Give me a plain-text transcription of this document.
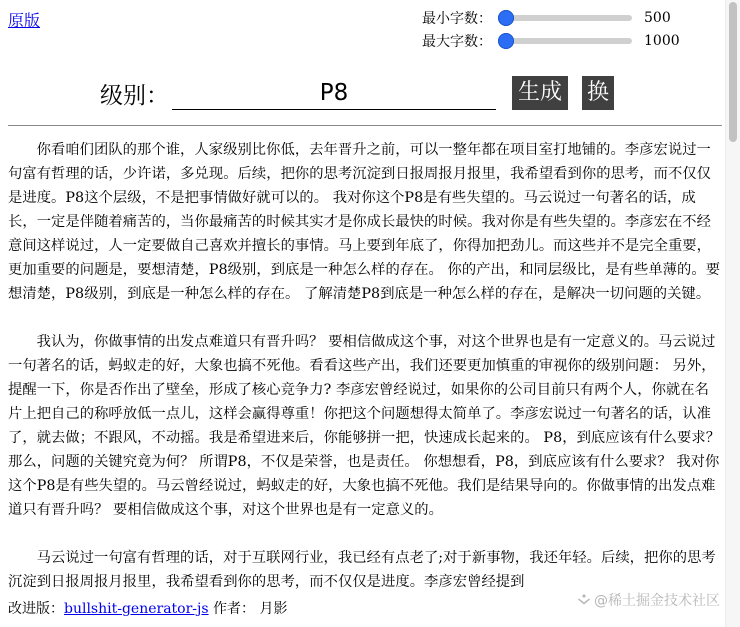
原版	最小字数：	500
最大字数：	1000
级别：
P8	生成 换

你看咱们团队的那个谁，人家级别比你低，去年晋升之前，可以一整年都在项目室打地铺的。李彦宏说过一句富有哲理的话，少许诺，多兑现。后续，把你的思考沉淀到日报周报月报里，我希望看到你的思考，而不仅仅是进度。P8这个层级，不是把事情做好就可以的。 我对你这个P8是有些失望的。马云说过一句著名的话，成长，一定是伴随着痛苦的，当你最痛苦的时候其实才是你成长最快的时候。我对你是有些失望的。李彦宏在不经意间这样说过，人一定要做自己喜欢并擅长的事情。马上要到年底了，你得加把劲儿。而这些并不是完全重要，更加重要的问题是，要想清楚，P8级别，到底是一种怎么样的存在。 你的产出，和同层级比，是有些单薄的。要想清楚，P8级别，到底是一种怎么样的存在。 了解清楚P8到底是一种怎么样的存在，是解决一切问题的关键。

我认为，你做事情的出发点难道只有晋升吗？ 要相信做成这个事，对这个世界也是有一定意义的。马云说过一句著名的话，蚂蚁走的好，大象也搞不死他。看看这些产出，我们还要更加慎重的审视你的级别问题： 另外，提醒一下，你是否作出了壁垒，形成了核心竞争力? 李彦宏曾经说过，如果你的公司目前只有两个人，你就在名片上把自己的称呼放低一点儿，这样会赢得尊重！你把这个问题想得太简单了。李彦宏说过一句著名的话，认准了，就去做；不跟风，不动摇。我是希望进来后，你能够拼一把，快速成长起来的。 P8，到底应该有什么要求？ 那么，问题的关键究竟为何？ 所谓P8，不仅是荣誉，也是责任。 你想想看，P8，到底应该有什么要求？ 我对你这个P8是有些失望的。马云曾经说过，蚂蚁走的好，大象也搞不死他。我们是结果导向的。你做事情的出发点难道只有晋升吗？ 要相信做成这个事，对这个世界也是有一定意义的。

马云说过一句富有哲理的话，对于互联网行业，我已经有点老了;对于新事物，我还年轻。后续，把你的思考沉淀到日报周报月报里，我希望看到你的思考，而不仅仅是进度。李彦宏曾经提到

改进版：bullshit-generator-js 作者： 月影	@稀土掘金技术社区
